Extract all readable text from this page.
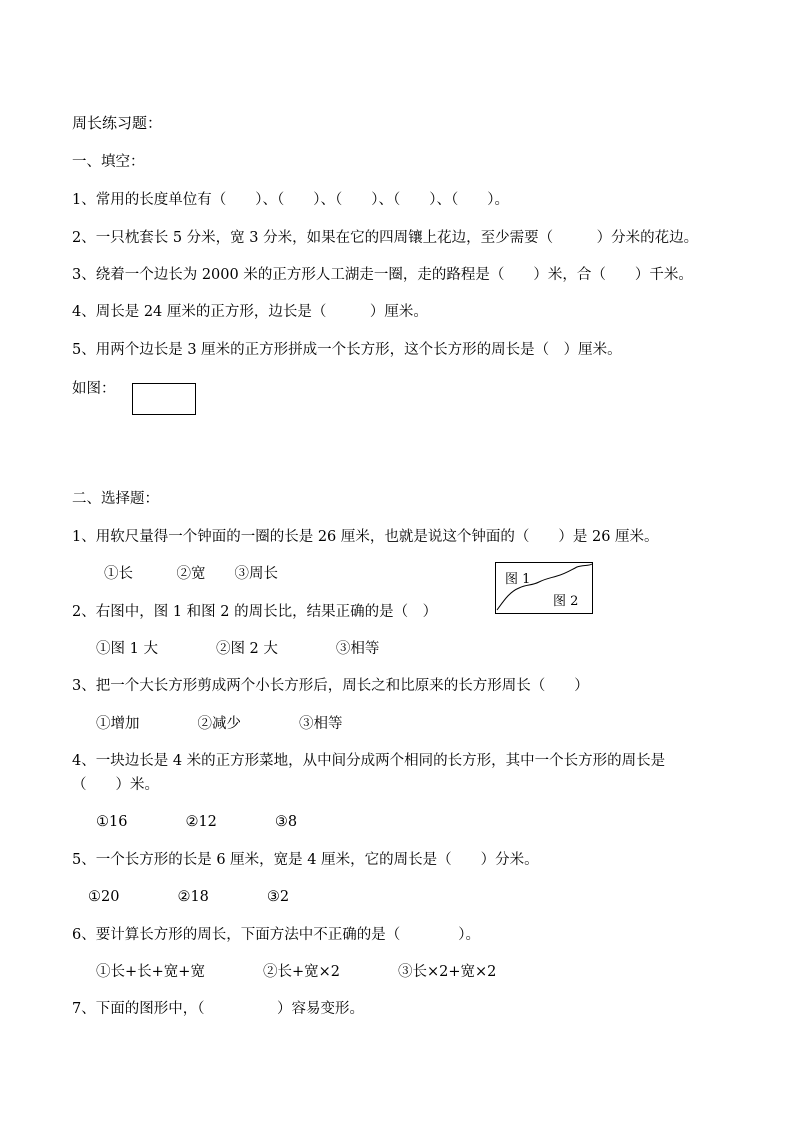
周长练习题：
一、填空：
1、常用的长度单位有（　　）、（　　）、（　　）、（　　）、（　　）。
2、一只枕套长 5 分米，宽 3 分米，如果在它的四周镶上花边，至少需要（　　　）分米的花边。
3、绕着一个边长为 2000 米的正方形人工湖走一圈，走的路程是（　　）米，合（　　）千米。
4、周长是 24 厘米的正方形，边长是（　　　）厘米。
5、用两个边长是 3 厘米的正方形拼成一个长方形，这个长方形的周长是（　）厘米。
如图：
二、选择题：
1、用软尺量得一个钟面的一圈的长是 26 厘米，也就是说这个钟面的（　　）是 26 厘米。
①长　　　②宽　　③周长	图 1
图 2
2、右图中，图 1 和图 2 的周长比，结果正确的是（　）
①图 1 大　　　　②图 2 大　　　　③相等
3、把一个大长方形剪成两个小长方形后，周长之和比原来的长方形周长（　　）
①增加　　　　②减少　　　　③相等
4、一块边长是 4 米的正方形菜地，从中间分成两个相同的长方形，其中一个长方形的周长是
（　　）米。
①16　　　　②12　　　　③8
5、一个长方形的长是 6 厘米，宽是 4 厘米，它的周长是（　　）分米。
①20　　　　②18　　　　③2
6、要计算长方形的周长，下面方法中不正确的是（　　　　）。
①长+长+宽+宽　　　　②长+宽×2　　　　③长×2+宽×2
7、下面的图形中，（　　　　　）容易变形。
